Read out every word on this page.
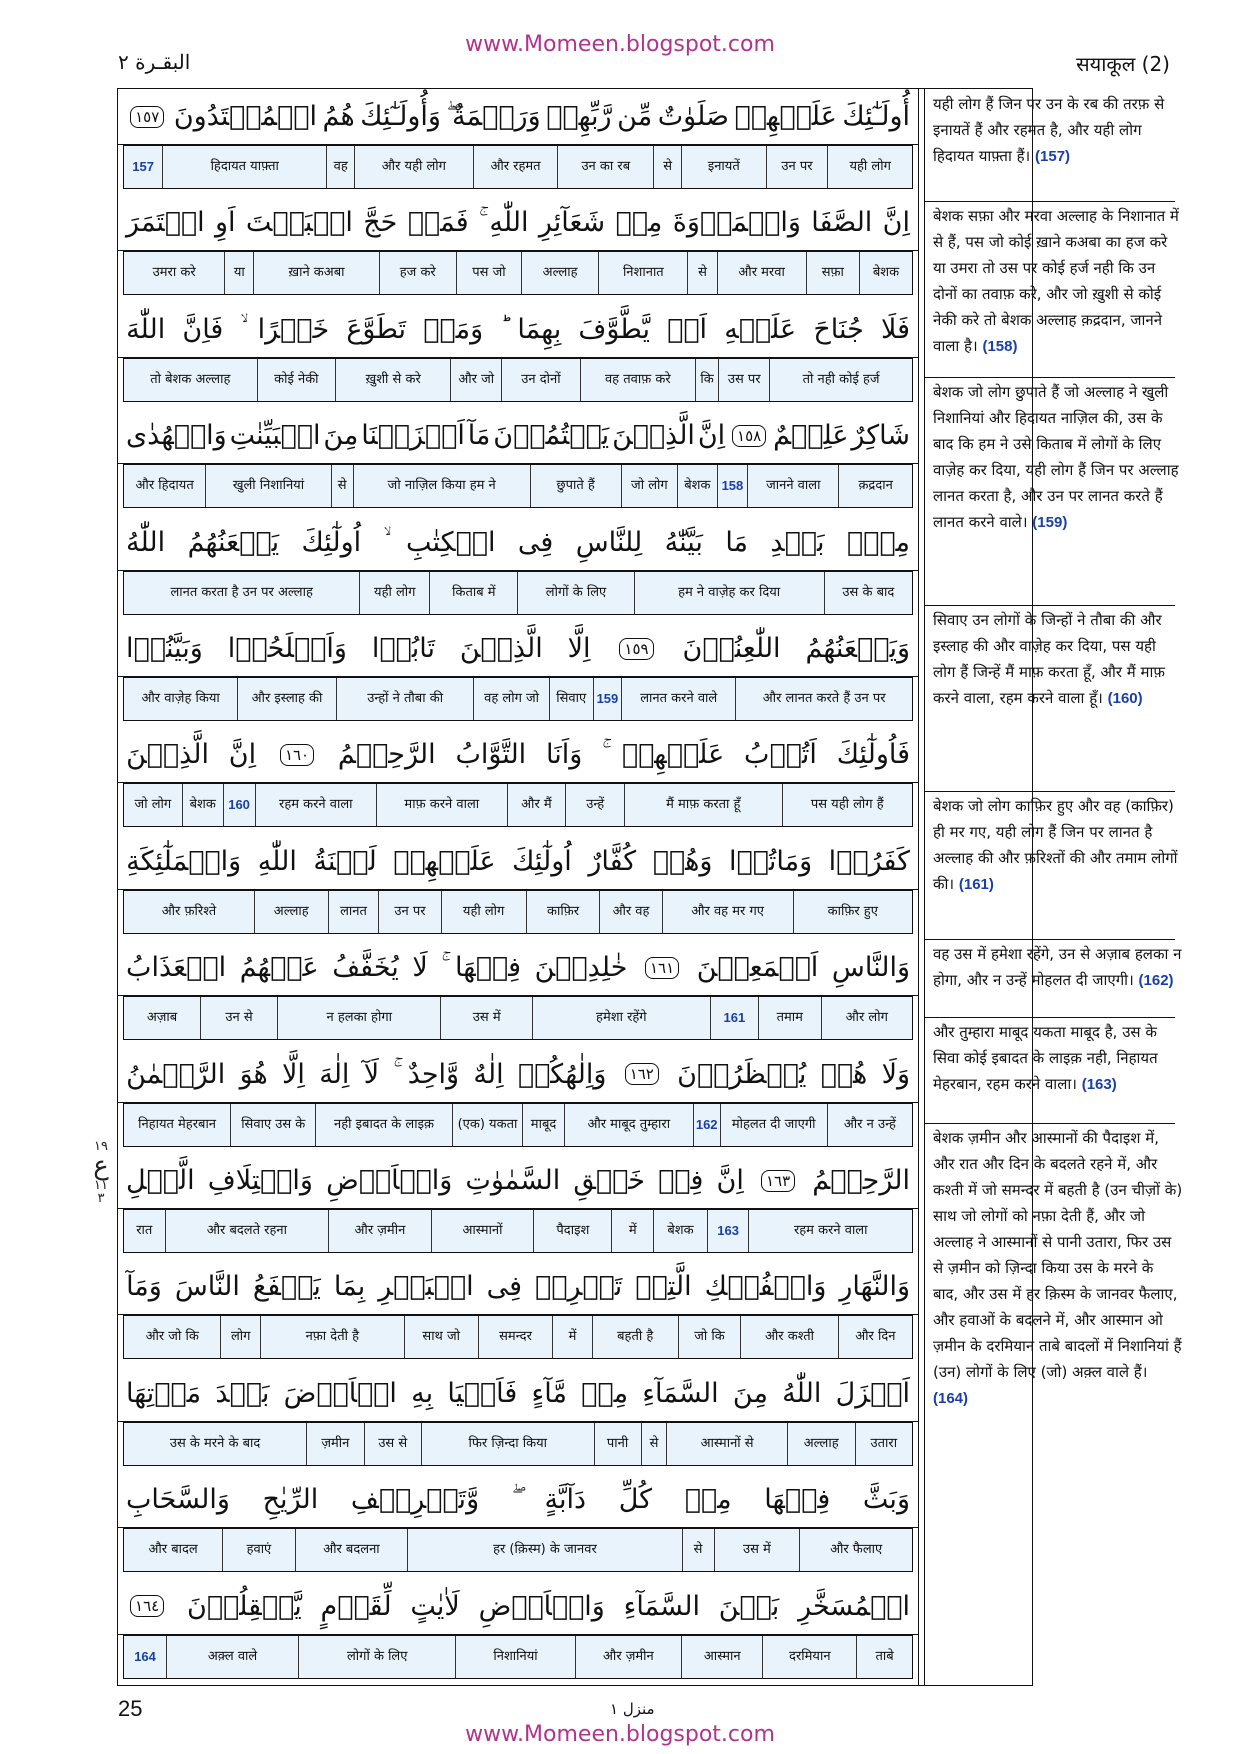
www.Momeen.blogspot.com
البقـرة ٢	सयाकूल (2)
١٩
ع
١١
٣
أُولَـٰٓئِكَ
عَلَيۡهِمۡ
صَلَوٰتٌ
مِّن
رَّبِّهِمۡ
وَرَحۡمَةٌ
وَأُولَـٰٓئِكَ
هُمُ
الۡمُهۡتَدُونَ
١٥٧
यही लोग
उन पर
इनायतें
से
उन का रब
और रहमत
और यही लोग
वह
हिदायत याफ़्ता
157
اِنَّ
الصَّفَا
وَالۡمَرۡوَةَ
مِنۡ
شَعَآئِرِ
اللّٰهِ
فَمَنۡ
حَجَّ
الۡبَيۡتَ
اَوِ
اعۡتَمَرَ
बेशक
सफ़ा
और मरवा
से
निशानात
अल्लाह
पस जो
हज करे
ख़ाने कअबा
या
उमरा करे
فَلَا
جُنَاحَ
عَلَيۡهِ
اَنۡ
يَّطَّوَّفَ
بِهِمَا
وَمَنۡ
تَطَوَّعَ
خَيۡرًا
فَاِنَّ
اللّٰهَ
तो नही कोई हर्ज
उस पर
कि
वह तवाफ़ करे
उन दोनों
और जो
ख़ुशी से करे
कोई नेकी
तो बेशक अल्लाह
شَاكِرٌ
عَلِيۡمٌ
١٥٨
اِنَّ
الَّذِيۡنَ
يَكۡتُمُوۡنَ
مَآ
اَنۡزَلۡنَا
مِنَ
الۡبَيِّنٰتِ
وَالۡهُدٰى
क़द्रदान
जानने वाला
158
बेशक
जो लोग
छुपाते हैं
जो नाज़िल किया हम ने
से
खुली निशानियां
और हिदायत
مِنۡۢ
بَعۡدِ
مَا
بَيَّنّٰهُ
لِلنَّاسِ
فِى
الۡكِتٰبِ
اُولٰٓئِكَ
يَلۡعَنُهُمُ
اللّٰهُ
उस के बाद
हम ने वाज़ेह कर दिया
लोगों के लिए
किताब में
यही लोग
लानत करता है उन पर अल्लाह
وَيَلۡعَنُهُمُ
اللّٰعِنُوۡنَ
١٥٩
اِلَّا
الَّذِيۡنَ
تَابُوۡا
وَاَصۡلَحُوۡا
وَبَيَّنُوۡا
और लानत करते हैं उन पर
लानत करने वाले
159
सिवाए
वह लोग जो
उन्हों ने तौबा की
और इस्लाह की
और वाज़ेह किया
فَاُولٰٓئِكَ
اَتُوۡبُ
عَلَيۡهِمۡ
وَاَنَا
التَّوَّابُ
الرَّحِيۡمُ
١٦٠
اِنَّ
الَّذِيۡنَ
पस यही लोग हैं
मैं माफ़ करता हूँ
उन्हें
और मैं
माफ़ करने वाला
रहम करने वाला
160
बेशक
जो लोग
كَفَرُوۡا
وَمَاتُوۡا
وَهُمۡ
كُفَّارٌ
اُولٰٓئِكَ
عَلَيۡهِمۡ
لَعۡنَةُ
اللّٰهِ
وَالۡمَلٰٓئِكَةِ
काफ़िर हुए
और वह मर गए
और वह
काफ़िर
यही लोग
उन पर
लानत
अल्लाह
और फ़रिश्ते
وَالنَّاسِ
اَجۡمَعِيۡنَ
١٦١
خٰلِدِيۡنَ
فِيۡهَا
لَا
يُخَفَّفُ
عَنۡهُمُ
الۡعَذَابُ
और लोग
तमाम
161
हमेशा रहेंगे
उस में
न हलका होगा
उन से
अज़ाब
وَلَا
هُمۡ
يُنۡظَرُوۡنَ
١٦٢
وَاِلٰهُكُمۡ
اِلٰهٌ
وَّاحِدٌ
لَآ
اِلٰهَ
اِلَّا
هُوَ
الرَّحۡمٰنُ
और न उन्हें
मोहलत दी जाएगी
162
और माबूद तुम्हारा
माबूद
(एक) यकता
नही इबादत के लाइक़
सिवाए उस के
निहायत मेहरबान
الرَّحِيۡمُ
١٦٣
اِنَّ
فِىۡ
خَلۡقِ
السَّمٰوٰتِ
وَالۡاَرۡضِ
وَاخۡتِلَافِ
الَّيۡلِ
रहम करने वाला
163
बेशक
में
पैदाइश
आस्मानों
और ज़मीन
और बदलते रहना
रात
وَالنَّهَارِ
وَالۡفُلۡكِ
الَّتِىۡ
تَجۡرِىۡ
فِى
الۡبَحۡرِ
بِمَا
يَنۡفَعُ
النَّاسَ
وَمَآ
और दिन
और कश्ती
जो कि
बहती है
में
समन्दर
साथ जो
नफ़ा देती है
लोग
और जो कि
اَنۡزَلَ
اللّٰهُ
مِنَ
السَّمَآءِ
مِنۡ
مَّآءٍ
فَاَحۡيَا
بِهِ
الۡاَرۡضَ
بَعۡدَ
مَوۡتِهَا
उतारा
अल्लाह
आस्मानों से
से
पानी
फिर ज़िन्दा किया
उस से
ज़मीन
उस के मरने के बाद
وَبَثَّ
فِيۡهَا
مِنۡ
كُلِّ
دَآبَّةٍ
وَّتَصۡرِيۡفِ
الرِّيٰحِ
وَالسَّحَابِ
और फैलाए
उस में
से
हर (क़िस्म) के जानवर
और बदलना
हवाएं
और बादल
الۡمُسَخَّرِ
بَيۡنَ
السَّمَآءِ
وَالۡاَرۡضِ
لَاٰيٰتٍ
لِّقَوۡمٍ
يَّعۡقِلُوۡنَ
١٦٤
ताबे
दरमियान
आस्मान
और ज़मीन
निशानियां
लोगों के लिए
अक़्ल वाले
164
यही लोग हैं जिन पर उन के रब की तरफ़ से इनायतें हैं और रहमत है, और यही लोग हिदायत याफ़्ता हैं। (157)
बेशक सफ़ा और मरवा अल्लाह के निशानात में से हैं, पस जो कोई ख़ाने कअबा का हज करे या उमरा तो उस पर कोई हर्ज नही कि उन दोनों का तवाफ़ करे, और जो ख़ुशी से कोई नेकी करे तो बेशक अल्लाह क़द्रदान, जानने वाला है। (158)
बेशक जो लोग छुपाते हैं जो अल्लाह ने खुली निशानियां और हिदायत नाज़िल की, उस के बाद कि हम ने उसे किताब में लोगों के लिए वाज़ेह कर दिया, यही लोग हैं जिन पर अल्लाह लानत करता है, और उन पर लानत करते हैं लानत करने वाले। (159)
सिवाए उन लोगों के जिन्हों ने तौबा की और इस्लाह की और वाज़ेह कर दिया, पस यही लोग हैं जिन्हें मैं माफ़ करता हूँ, और मैं माफ़ करने वाला, रहम करने वाला हूँ। (160)
बेशक जो लोग काफ़िर हुए और वह (काफ़िर) ही मर गए, यही लोग हैं जिन पर लानत है अल्लाह की और फ़रिश्तों की और तमाम लोगों की। (161)
वह उस में हमेशा रहेंगे, उन से अज़ाब हलका न होगा, और न उन्हें मोहलत दी जाएगी। (162)
और तुम्हारा माबूद यकता माबूद है, उस के सिवा कोई इबादत के लाइक़ नही, निहायत मेहरबान, रहम करने वाला। (163)
बेशक ज़मीन और आस्मानों की पैदाइश में, और रात और दिन के बदलते रहने में, और कश्ती में जो समन्दर में बहती है (उन चीज़ों के) साथ जो लोगों को नफ़ा देती हैं, और जो अल्लाह ने आस्मानों से पानी उतारा, फिर उस से ज़मीन को ज़िन्दा किया उस के मरने के बाद, और उस में हर क़िस्म के जानवर फैलाए, और हवाओं के बदलने में, और आस्मान ओ ज़मीन के दरमियान ताबे बादलों में निशानियां हैं (उन) लोगों के लिए (जो) अक़्ल वाले हैं। (164)
25	منزل ١
www.Momeen.blogspot.com
